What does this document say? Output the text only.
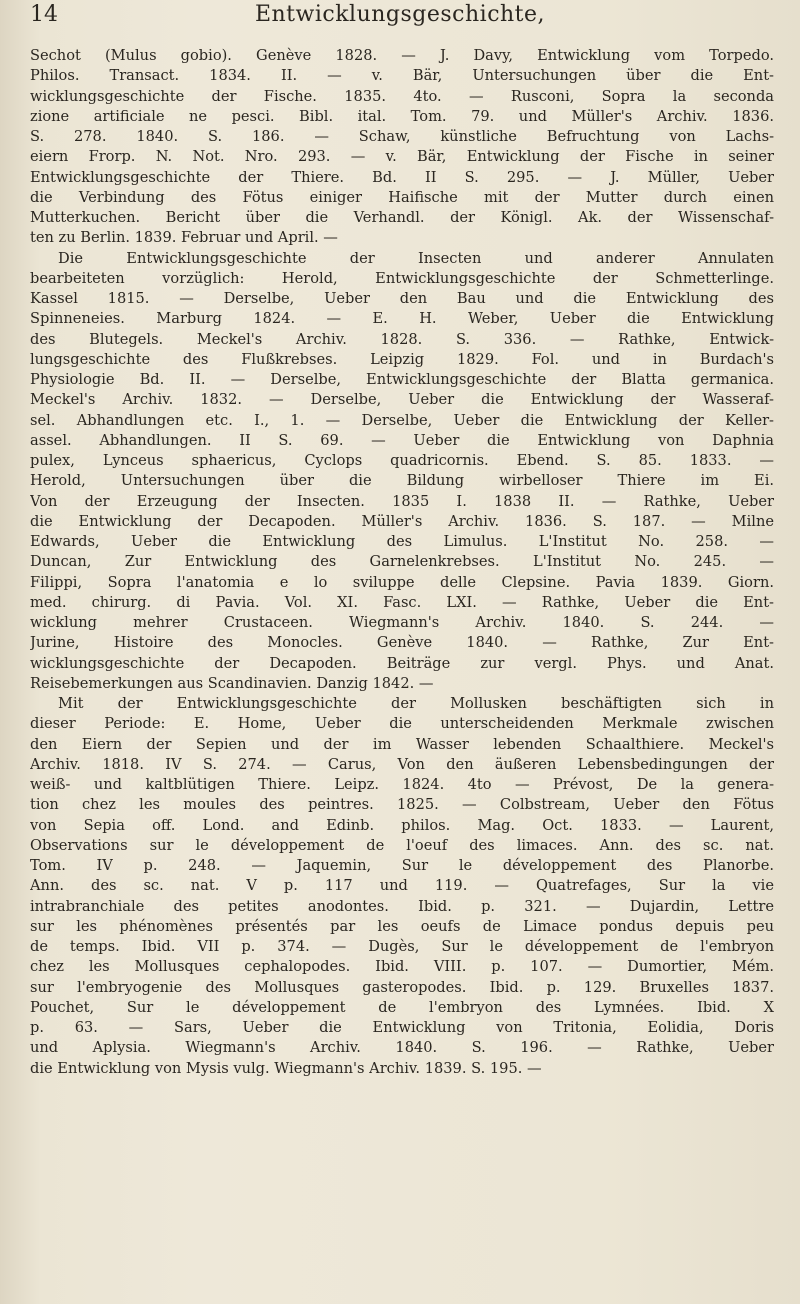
14	Entwicklungsgeschichte,
Sechot (Mulus gobio). Genève 1828. — J. Davy, Entwicklung vom Torpedo.
Philos. Transact. 1834. II. — v. Bär, Untersuchungen über die Ent-
wicklungsgeschichte der Fische. 1835. 4to. — Rusconi, Sopra la seconda
zione artificiale ne pesci. Bibl. ital. Tom. 79. und Müller's Archiv. 1836.
S. 278. 1840. S. 186. — Schaw, künstliche Befruchtung von Lachs-
eiern Frorp. N. Not. Nro. 293. — v. Bär, Entwicklung der Fische in seiner
Entwicklungsgeschichte der Thiere. Bd. II S. 295. — J. Müller, Ueber
die Verbindung des Fötus einiger Haifische mit der Mutter durch einen
Mutterkuchen. Bericht über die Verhandl. der Königl. Ak. der Wissenschaf-
ten zu Berlin. 1839. Februar und April. —
Die Entwicklungsgeschichte der Insecten und anderer Annulaten
bearbeiteten vorzüglich: Herold, Entwicklungsgeschichte der Schmetterlinge.
Kassel 1815. — Derselbe, Ueber den Bau und die Entwicklung des
Spinneneies. Marburg 1824. — E. H. Weber, Ueber die Entwicklung
des Blutegels. Meckel's Archiv. 1828. S. 336. — Rathke, Entwick-
lungsgeschichte des Flußkrebses. Leipzig 1829. Fol. und in Burdach's
Physiologie Bd. II. — Derselbe, Entwicklungsgeschichte der Blatta germanica.
Meckel's Archiv. 1832. — Derselbe, Ueber die Entwicklung der Wasseraf-
sel. Abhandlungen etc. I., 1. — Derselbe, Ueber die Entwicklung der Keller-
assel. Abhandlungen. II S. 69. — Ueber die Entwicklung von Daphnia
pulex, Lynceus sphaericus, Cyclops quadricornis. Ebend. S. 85. 1833. —
Herold, Untersuchungen über die Bildung wirbelloser Thiere im Ei.
Von der Erzeugung der Insecten. 1835 I. 1838 II. — Rathke, Ueber
die Entwicklung der Decapoden. Müller's Archiv. 1836. S. 187. — Milne
Edwards, Ueber die Entwicklung des Limulus. L'Institut No. 258. —
Duncan, Zur Entwicklung des Garnelenkrebses. L'Institut No. 245. —
Filippi, Sopra l'anatomia e lo sviluppe delle Clepsine. Pavia 1839. Giorn.
med. chirurg. di Pavia. Vol. XI. Fasc. LXI. — Rathke, Ueber die Ent-
wicklung mehrer Crustaceen. Wiegmann's Archiv. 1840. S. 244. —
Jurine, Histoire des Monocles. Genève 1840. — Rathke, Zur Ent-
wicklungsgeschichte der Decapoden. Beiträge zur vergl. Phys. und Anat.
Reisebemerkungen aus Scandinavien. Danzig 1842. —
Mit der Entwicklungsgeschichte der Mollusken beschäftigten sich in
dieser Periode: E. Home, Ueber die unterscheidenden Merkmale zwischen
den Eiern der Sepien und der im Wasser lebenden Schaalthiere. Meckel's
Archiv. 1818. IV S. 274. — Carus, Von den äußeren Lebensbedingungen der
weiß- und kaltblütigen Thiere. Leipz. 1824. 4to — Prévost, De la genera-
tion chez les moules des peintres. 1825. — Colbstream, Ueber den Fötus
von Sepia off. Lond. and Edinb. philos. Mag. Oct. 1833. — Laurent,
Observations sur le développement de l'oeuf des limaces. Ann. des sc. nat.
Tom. IV p. 248. — Jaquemin, Sur le développement des Planorbe.
Ann. des sc. nat. V p. 117 und 119. — Quatrefages, Sur la vie
intrabranchiale des petites anodontes. Ibid. p. 321. — Dujardin, Lettre
sur les phénomènes présentés par les oeufs de Limace pondus depuis peu
de temps. Ibid. VII p. 374. — Dugès, Sur le développement de l'embryon
chez les Mollusques cephalopodes. Ibid. VIII. p. 107. — Dumortier, Mém.
sur l'embryogenie des Mollusques gasteropodes. Ibid. p. 129. Bruxelles 1837.
Pouchet, Sur le développement de l'embryon des Lymnées. Ibid. X
p. 63. — Sars, Ueber die Entwicklung von Tritonia, Eolidia, Doris
und Aplysia. Wiegmann's Archiv. 1840. S. 196. — Rathke, Ueber
die Entwicklung von Mysis vulg. Wiegmann's Archiv. 1839. S. 195. —
